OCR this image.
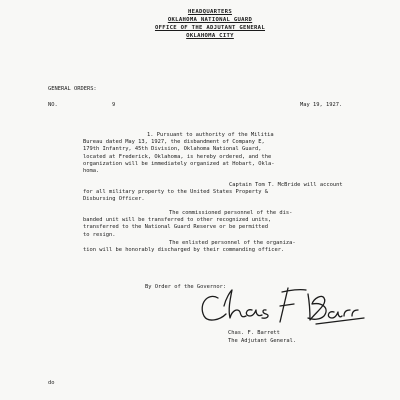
HEADQUARTERS
OKLAHOMA NATIONAL GUARD
OFFICE OF THE ADJUTANT GENERAL
OKLAHOMA CITY
GENERAL ORDERS:
NO.	9	May 19, 1927.
1. Pursuant to authority of the Militia
Bureau dated May 13, 1927, the disbandment of Company E,
179th Infantry, 45th Division, Oklahoma National Guard,
located at Frederick, Oklahoma, is hereby ordered, and the
organization will be immediately organized at Hobart, Okla-
homa.
Captain Tom T. McBride will account
for all military property to the United States Property &
Disbursing Officer.
The commissioned personnel of the dis-
banded unit will be transferred to other recognized units,
transferred to the National Guard Reserve or be permitted
to resign.
The enlisted personnel of the organiza-
tion will be honorably discharged by their commanding officer.
By Order of the Governor:
Chas. F. Barrett
The Adjutant General.
do
